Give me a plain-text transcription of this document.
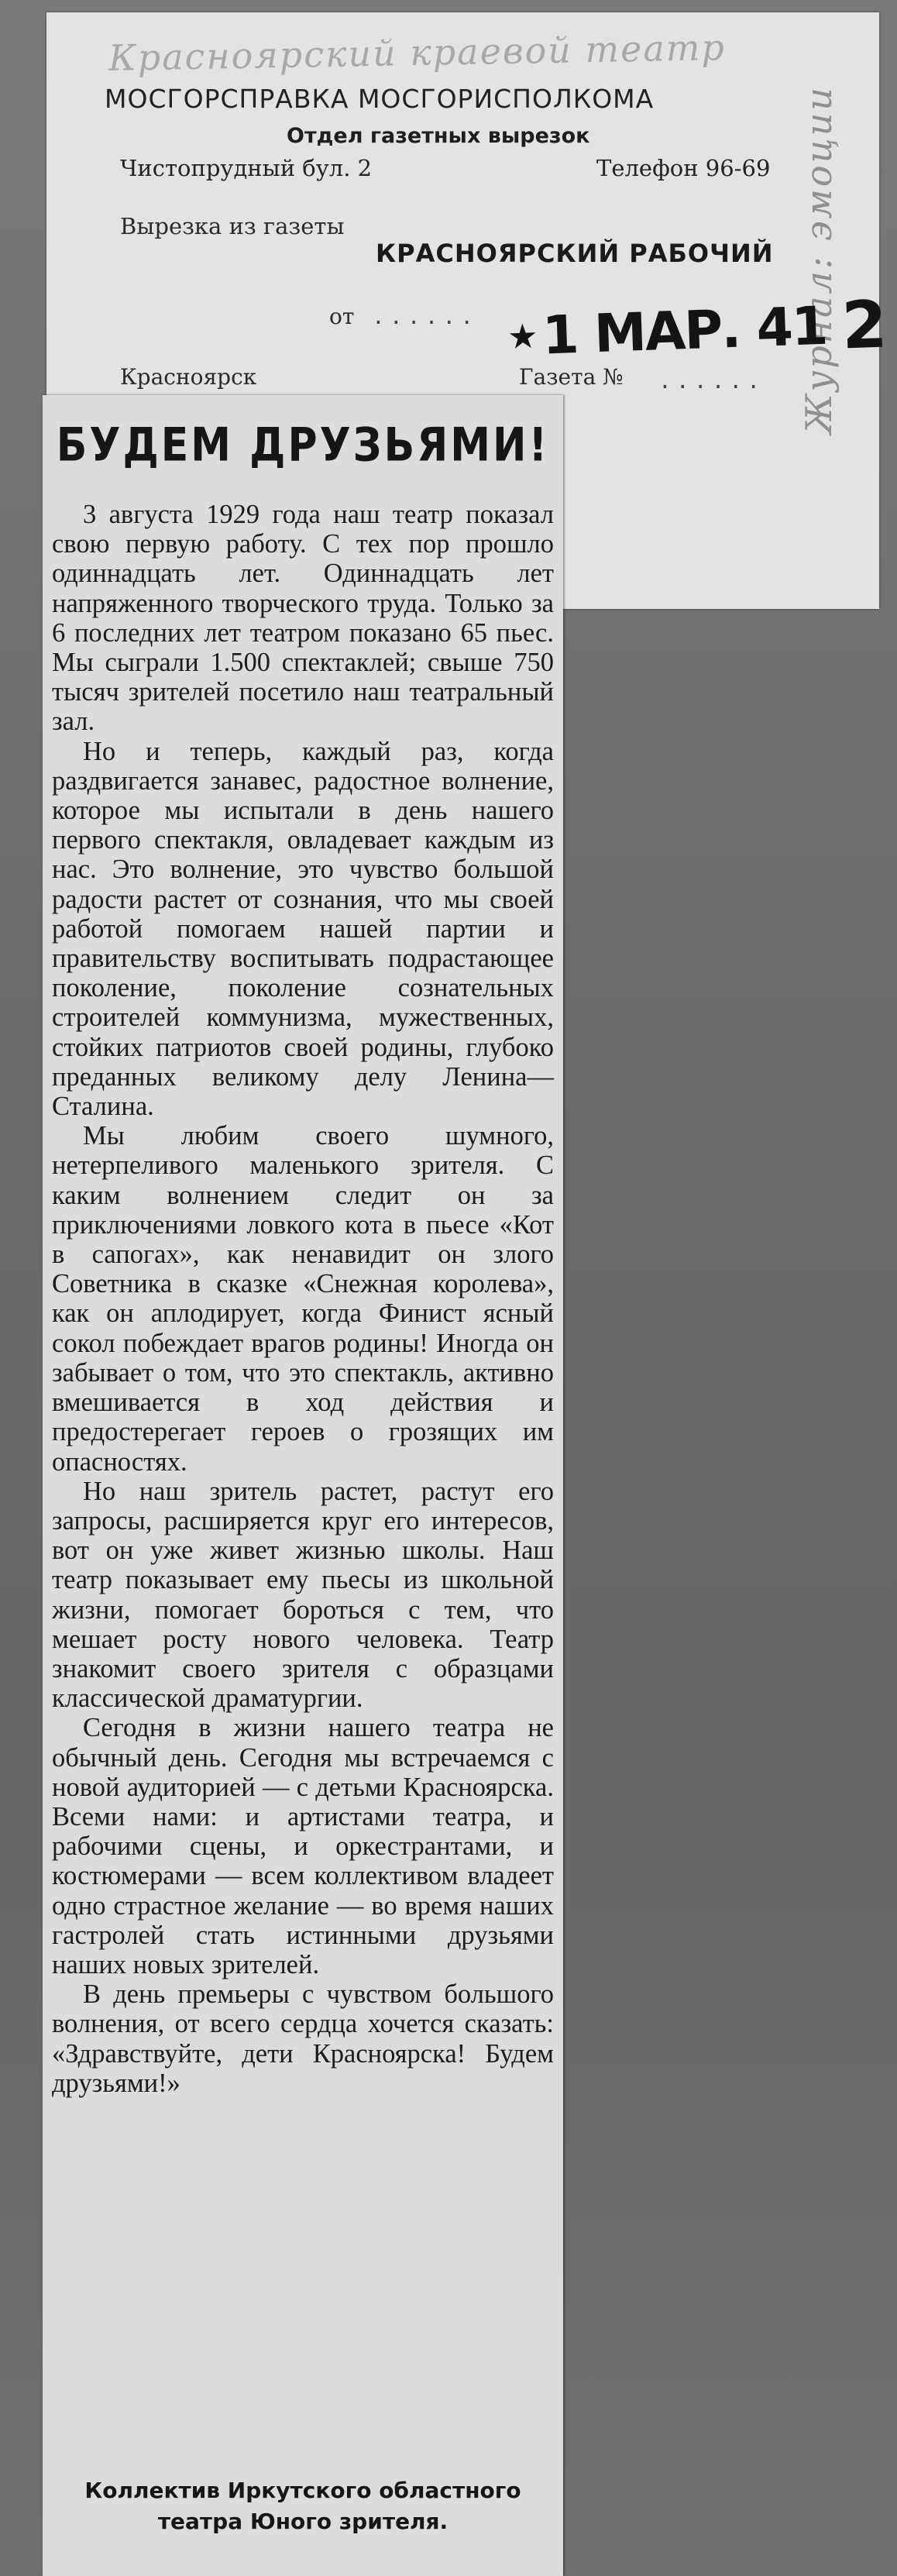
Красноярский краевой театр
Журнал: эмоции
МОСГОРСПРАВКА МОСГОРИСПОЛКОМА
Отдел газетных вырезок
Чистопрудный бул. 2	Телефон 96-69
Вырезка из газеты
КРАСНОЯРСКИЙ РАБОЧИЙ
от ......
★ 1 МАР. 41 2
Красноярск	Газета № ......
БУДЕМ ДРУЗЬЯМИ!

3 августа 1929 года наш театр показал свою первую работу. С тех пор прошло одиннадцать лет. Одиннадцать лет напряженного творческого труда. Только за 6 последних лет театром показано 65 пьес. Мы сыграли 1.500 спектаклей; свыше 750 тысяч зрителей посетило наш театральный зал.

Но и теперь, каждый раз, когда раздвигается занавес, радостное волнение, которое мы испытали в день нашего первого спектакля, овладевает каждым из нас. Это волнение, это чувство большой радости растет от сознания, что мы своей работой помогаем нашей партии и правительству воспитывать подрастающее поколение, поколение сознательных строителей коммунизма, мужественных, стойких патриотов своей родины, глубоко преданных великому делу Ленина—Сталина.

Мы любим своего шумного, нетерпеливого маленького зрителя. С каким волнением следит он за приключениями ловкого кота в пьесе «Кот в сапогах», как ненавидит он злого Советника в сказке «Снежная королева», как он аплодирует, когда Финист ясный сокол побеждает врагов родины! Иногда он забывает о том, что это спектакль, активно вмешивается в ход действия и предостерегает героев о грозящих им опасностях.

Но наш зритель растет, растут его запросы, расширяется круг его интересов, вот он уже живет жизнью школы. Наш театр показывает ему пьесы из школьной жизни, помогает бороться с тем, что мешает росту нового человека. Театр знакомит своего зрителя с образцами классической драматургии.

Сегодня в жизни нашего театра не обычный день. Сегодня мы встречаемся с новой аудиторией — с детьми Красноярска. Всеми нами: и артистами театра, и рабочими сцены, и оркестрантами, и костюмерами — всем коллективом владеет одно страстное желание — во время наших гастролей стать истинными друзьями наших новых зрителей.

В день премьеры с чувством большого волнения, от всего сердца хочется сказать: «Здравствуйте, дети Красноярска! Будем друзьями!»

Коллектив Иркутского областного театра Юного зрителя.
